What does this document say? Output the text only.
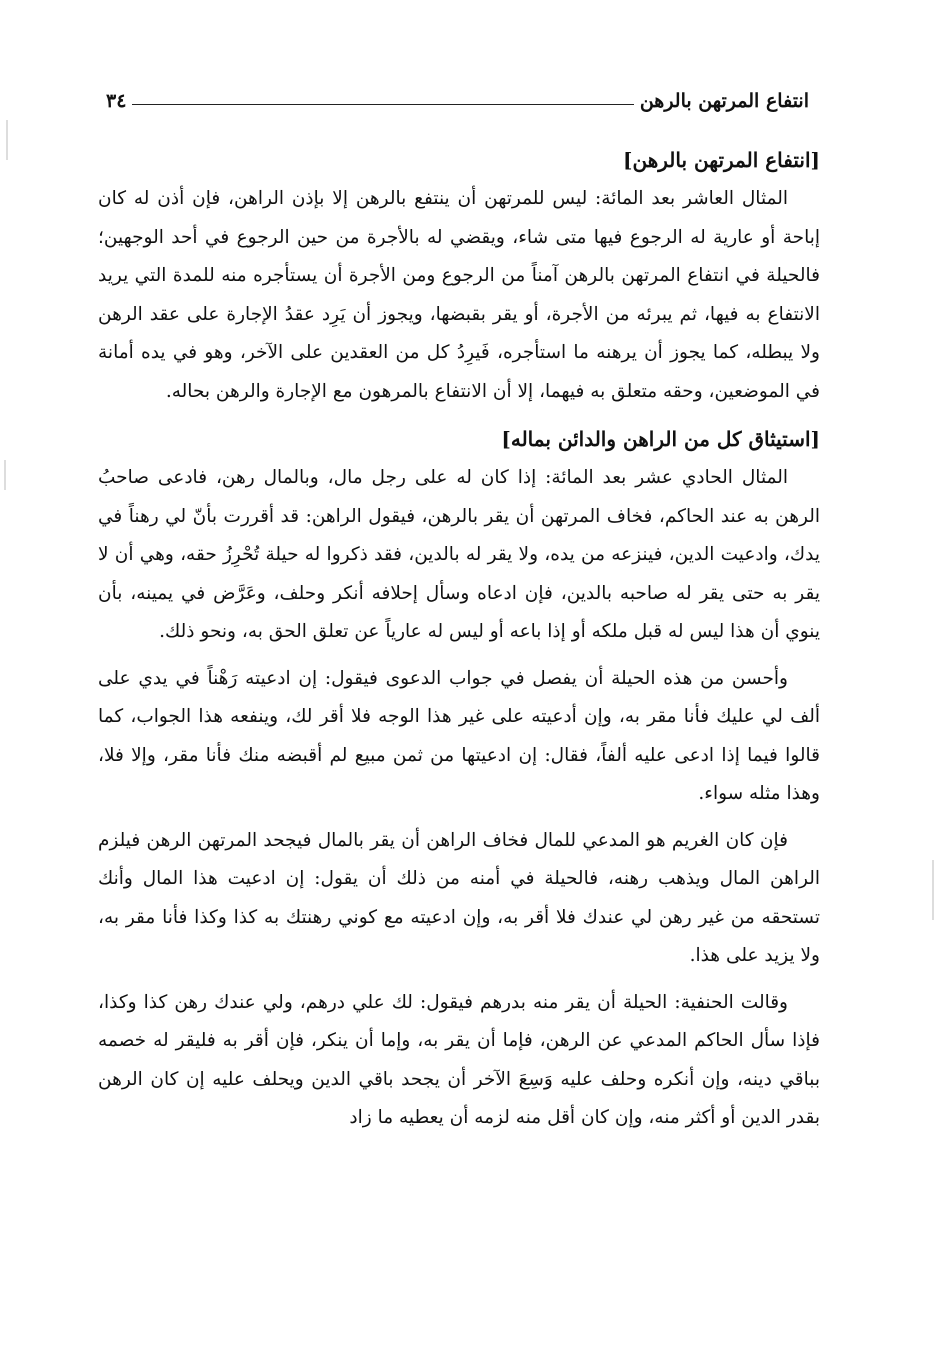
انتفاع المرتهن بالرهن
٣٤
[انتفاع المرتهن بالرهن]

المثال العاشر بعد المائة: ليس للمرتهن أن ينتفع بالرهن إلا بإذن الراهن، فإن أذن له كان إباحة أو عارية له الرجوع فيها متى شاء، ويقضي له بالأجرة من حين الرجوع في أحد الوجهين؛ فالحيلة في انتفاع المرتهن بالرهن آمناً من الرجوع ومن الأجرة أن يستأجره منه للمدة التي يريد الانتفاع به فيها، ثم يبرئه من الأجرة، أو يقر بقبضها، ويجوز أن يَرِد عقدُ الإجارة على عقد الرهن ولا يبطله، كما يجوز أن يرهنه ما استأجره، فَيرِدُ كل من العقدين على الآخر، وهو في يده أمانة في الموضعين، وحقه متعلق به فيهما، إلا أن الانتفاع بالمرهون مع الإجارة والرهن بحاله.

[استيثاق كل من الراهن والدائن بماله]

المثال الحادي عشر بعد المائة: إذا كان له على رجل مال، وبالمال رهن، فادعى صاحبُ الرهن به عند الحاكم، فخاف المرتهن أن يقر بالرهن، فيقول الراهن: قد أقررت بأنّ لي رهناً في يدك، وادعيت الدين، فينزعه من يده، ولا يقر له بالدين، فقد ذكروا له حيلة تُحْرِزُ حقه، وهي أن لا يقر به حتى يقر له صاحبه بالدين، فإن ادعاه وسأل إحلافه أنكر وحلف، وعَرَّض في يمينه، بأن ينوي أن هذا ليس له قبل ملكه أو إذا باعه أو ليس له عارياً عن تعلق الحق به، ونحو ذلك.

وأحسن من هذه الحيلة أن يفصل في جواب الدعوى فيقول: إن ادعيته رَهْناً في يدي على ألف لي عليك فأنا مقر به، وإن أدعيته على غير هذا الوجه فلا أقر لك، وينفعه هذا الجواب، كما قالوا فيما إذا ادعى عليه ألفاً، فقال: إن ادعيتها من ثمن مبيع لم أقبضه منك فأنا مقر، وإلا فلا، وهذا مثله سواء.

فإن كان الغريم هو المدعي للمال فخاف الراهن أن يقر بالمال فيجحد المرتهن الرهن فيلزم الراهن المال ويذهب رهنه، فالحيلة في أمنه من ذلك أن يقول: إن ادعيت هذا المال وأنك تستحقه من غير رهن لي عندك فلا أقر به، وإن ادعيته مع كوني رهنتك به كذا وكذا فأنا مقر به، ولا يزيد على هذا.

وقالت الحنفية: الحيلة أن يقر منه بدرهم فيقول: لك علي درهم، ولي عندك رهن كذا وكذا، فإذا سأل الحاكم المدعي عن الرهن، فإما أن يقر به، وإما أن ينكر، فإن أقر به فليقر له خصمه بباقي دينه، وإن أنكره وحلف عليه وَسِعَ الآخر أن يجحد باقي الدين ويحلف عليه إن كان الرهن بقدر الدين أو أكثر منه، وإن كان أقل منه لزمه أن يعطيه ما زاد
